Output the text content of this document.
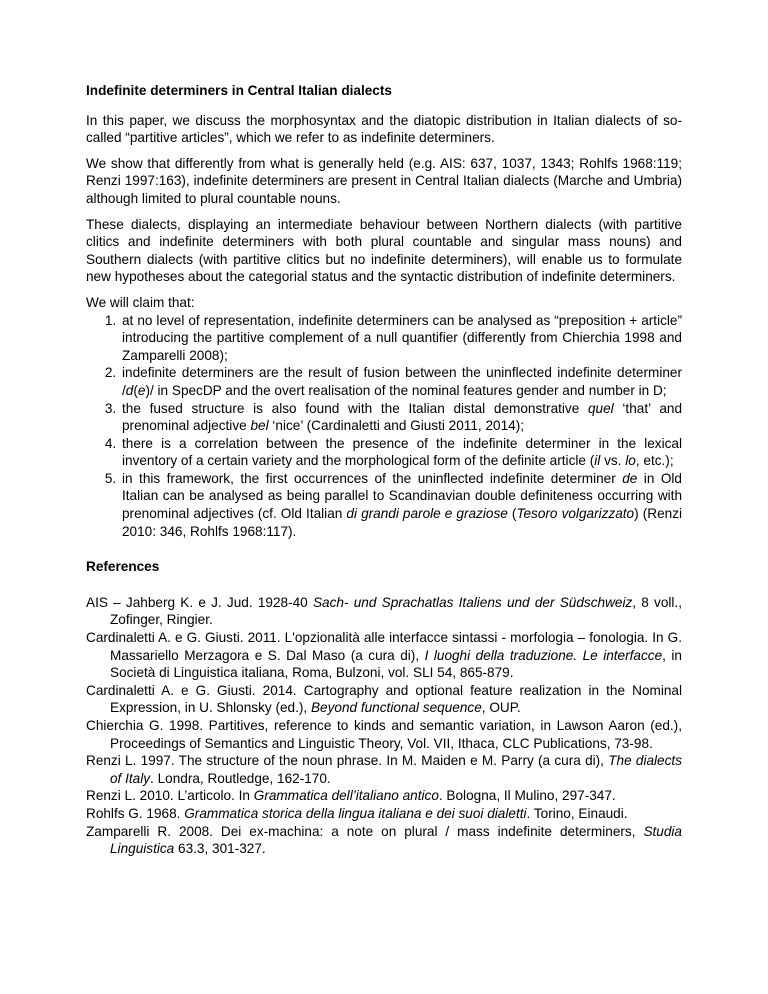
Indefinite determiners in Central Italian dialects

In this paper, we discuss the morphosyntax and the diatopic distribution in Italian dialects of so-called “partitive articles”, which we refer to as indefinite determiners.

We show that differently from what is generally held (e.g. AIS: 637, 1037, 1343; Rohlfs 1968:119; Renzi 1997:163), indefinite determiners are present in Central Italian dialects (Marche and Umbria) although limited to plural countable nouns.

These dialects, displaying an intermediate behaviour between Northern dialects (with partitive clitics and indefinite determiners with both plural countable and singular mass nouns) and Southern dialects (with partitive clitics but no indefinite determiners), will enable us to formulate new hypotheses about the categorial status and the syntactic distribution of indefinite determiners.

We will claim that:
1. at no level of representation, indefinite determiners can be analysed as “preposition + article” introducing the partitive complement of a null quantifier (differently from Chierchia 1998 and Zamparelli 2008);
2. indefinite determiners are the result of fusion between the uninflected indefinite determiner /d(e)/ in SpecDP and the overt realisation of the nominal features gender and number in D;
3. the fused structure is also found with the Italian distal demonstrative quel ‘that’ and prenominal adjective bel ‘nice’ (Cardinaletti and Giusti 2011, 2014);
4. there is a correlation between the presence of the indefinite determiner in the lexical inventory of a certain variety and the morphological form of the definite article (il vs. lo, etc.);
5. in this framework, the first occurrences of the uninflected indefinite determiner de in Old Italian can be analysed as being parallel to Scandinavian double definiteness occurring with prenominal adjectives (cf. Old Italian di grandi parole e graziose (Tesoro volgarizzato) (Renzi 2010: 346, Rohlfs 1968:117).
References
AIS – Jahberg K. e J. Jud. 1928-40 Sach- und Sprachatlas Italiens und der Südschweiz, 8 voll., Zofinger, Ringier.
Cardinaletti A. e G. Giusti. 2011. L'opzionalità alle interfacce sintassi - morfologia – fonologia. In G. Massariello Merzagora e S. Dal Maso (a cura di), I luoghi della traduzione. Le interfacce, in Società di Linguistica italiana, Roma, Bulzoni, vol. SLI 54, 865-879.
Cardinaletti A. e G. Giusti. 2014. Cartography and optional feature realization in the Nominal Expression, in U. Shlonsky (ed.), Beyond functional sequence, OUP.
Chierchia G. 1998. Partitives, reference to kinds and semantic variation, in Lawson Aaron (ed.), Proceedings of Semantics and Linguistic Theory, Vol. VII, Ithaca, CLC Publications, 73-98.
Renzi L. 1997. The structure of the noun phrase. In M. Maiden e M. Parry (a cura di), The dialects of Italy. Londra, Routledge, 162-170.
Renzi L. 2010. L’articolo. In Grammatica dell’italiano antico. Bologna, Il Mulino, 297-347.
Rohlfs G. 1968. Grammatica storica della lingua italiana e dei suoi dialetti. Torino, Einaudi.
Zamparelli R. 2008. Dei ex-machina: a note on plural / mass indefinite determiners, Studia Linguistica 63.3, 301-327.
